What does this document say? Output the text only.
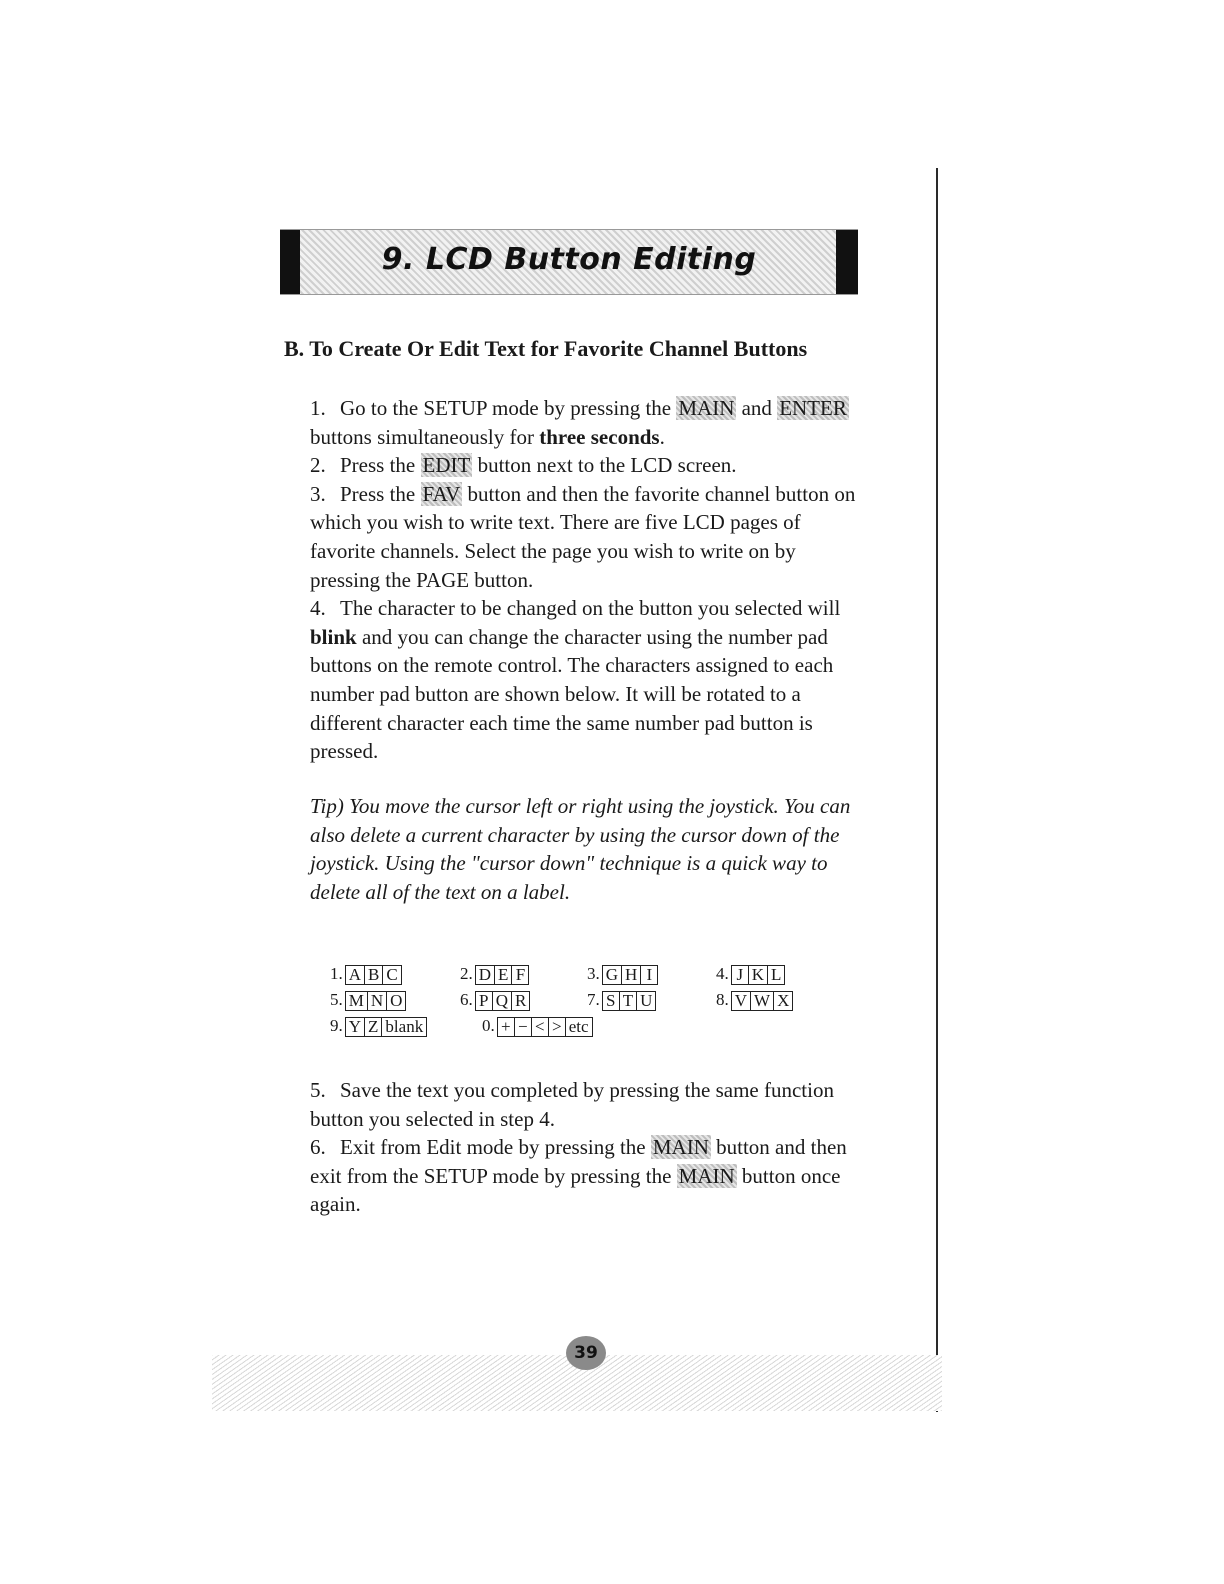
9. LCD Button Editing
B. To Create Or Edit Text for Favorite Channel Buttons

1. Go to the SETUP mode by pressing the MAIN and ENTER buttons simultaneously for three seconds.

2. Press the EDIT button next to the LCD screen.

3. Press the FAV button and then the favorite channel button on which you wish to write text. There are five LCD pages of favorite channels. Select the page you wish to write on by pressing the PAGE button.

4. The character to be changed on the button you selected will blink and you can change the character using the number pad buttons on the remote control. The characters assigned to each number pad button are shown below. It will be rotated to a different character each time the same number pad button is pressed.

Tip) You move the cursor left or right using the joystick. You can also delete a current character by using the cursor down of the joystick. Using the "cursor down" technique is a quick way to delete all of the text on a label.

1. A B C	2. D E F	3. G H I	4. J K L
5. M N O	6. P Q R	7. S T U	8. V W X
9. Y Z blank	0. + − < > etc

5. Save the text you completed by pressing the same function button you selected in step 4.

6. Exit from Edit mode by pressing the MAIN button and then exit from the SETUP mode by pressing the MAIN button once again.

39
